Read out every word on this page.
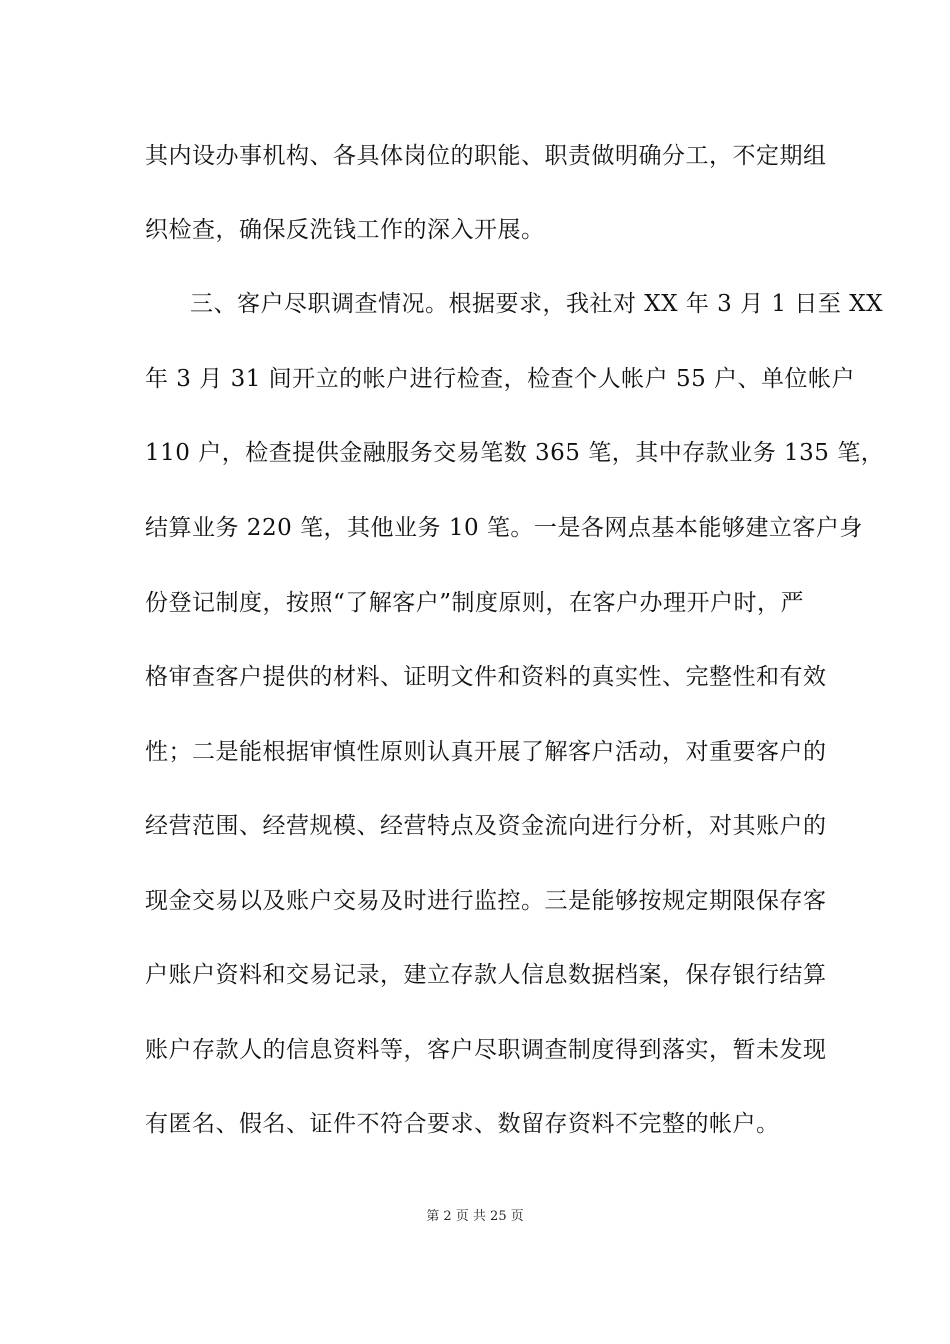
其内设办事机构、各具体岗位的职能、职责做明确分工，不定期组
织检查，确保反洗钱工作的深入开展。
三、客户尽职调查情况。根据要求，我社对 XX 年 3 月 1 日至 XX
年 3 月 31 间开立的帐户进行检查，检查个人帐户 55 户、单位帐户
110 户，检查提供金融服务交易笔数 365 笔，其中存款业务 135 笔，
结算业务 220 笔，其他业务 10 笔。一是各网点基本能够建立客户身
份登记制度，按照“了解客户”制度原则，在客户办理开户时，严
格审查客户提供的材料、证明文件和资料的真实性、完整性和有效
性；二是能根据审慎性原则认真开展了解客户活动，对重要客户的
经营范围、经营规模、经营特点及资金流向进行分析，对其账户的
现金交易以及账户交易及时进行监控。三是能够按规定期限保存客
户账户资料和交易记录，建立存款人信息数据档案，保存银行结算
账户存款人的信息资料等，客户尽职调查制度得到落实，暂未发现
有匿名、假名、证件不符合要求、数留存资料不完整的帐户。
第 2 页 共 25 页
